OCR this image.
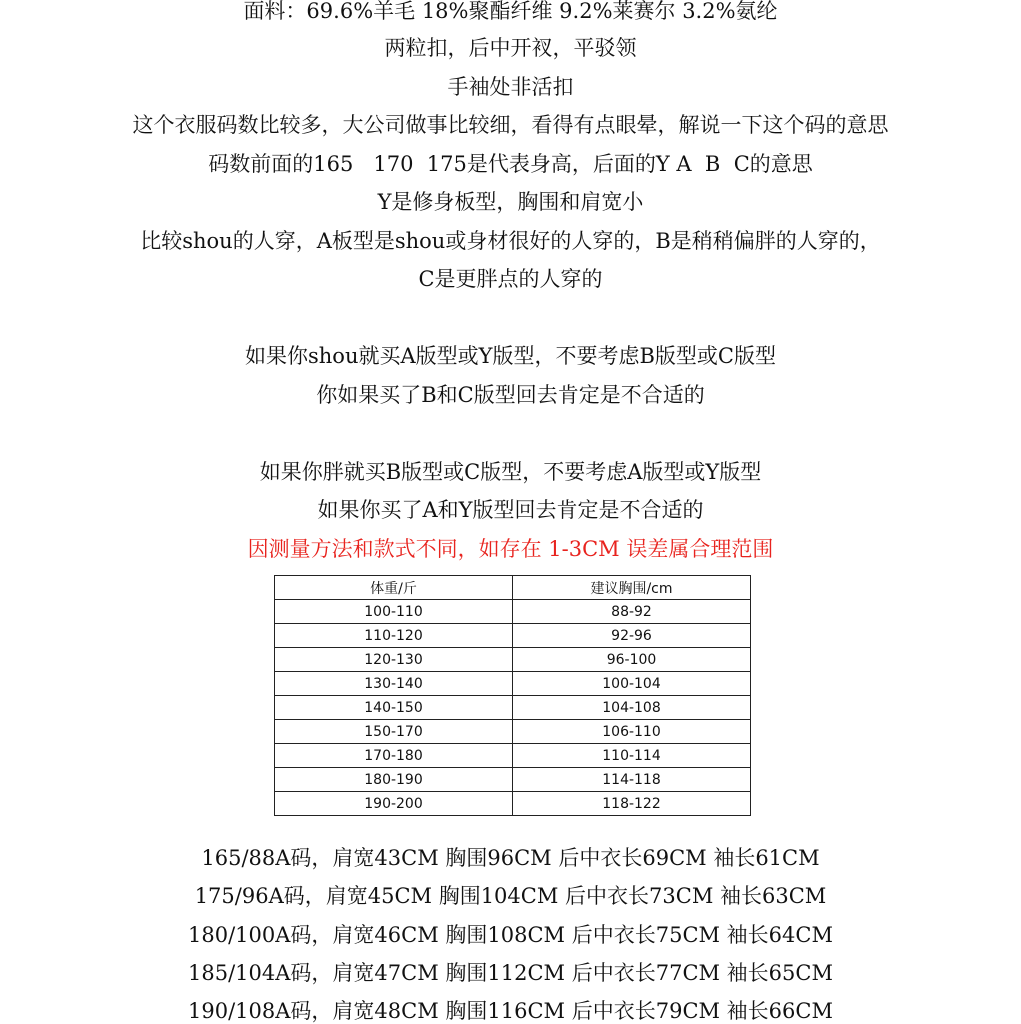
面料：69.6%羊毛 18%聚酯纤维 9.2%莱赛尔 3.2%氨纶
两粒扣，后中开衩，平驳领
手袖处非活扣
这个衣服码数比较多，大公司做事比较细，看得有点眼晕，解说一下这个码的意思
码数前面的165   170  175是代表身高，后面的Y A  B  C的意思
Y是修身板型，胸围和肩宽小
比较shou的人穿，A板型是shou或身材很好的人穿的，B是稍稍偏胖的人穿的，
C是更胖点的人穿的
如果你shou就买A版型或Y版型，不要考虑B版型或C版型
你如果买了B和C版型回去肯定是不合适的
如果你胖就买B版型或C版型，不要考虑A版型或Y版型
如果你买了A和Y版型回去肯定是不合适的
因测量方法和款式不同，如存在 1-3CM 误差属合理范围
体重/斤	建议胸围/cm
100-110	88-92
110-120	92-96
120-130	96-100
130-140	100-104
140-150	104-108
150-170	106-110
170-180	110-114
180-190	114-118
190-200	118-122
165/88A码，肩宽43CM 胸围96CM 后中衣长69CM 袖长61CM
175/96A码，肩宽45CM 胸围104CM 后中衣长73CM 袖长63CM
180/100A码，肩宽46CM 胸围108CM 后中衣长75CM 袖长64CM
185/104A码，肩宽47CM 胸围112CM 后中衣长77CM 袖长65CM
190/108A码，肩宽48CM 胸围116CM 后中衣长79CM 袖长66CM
